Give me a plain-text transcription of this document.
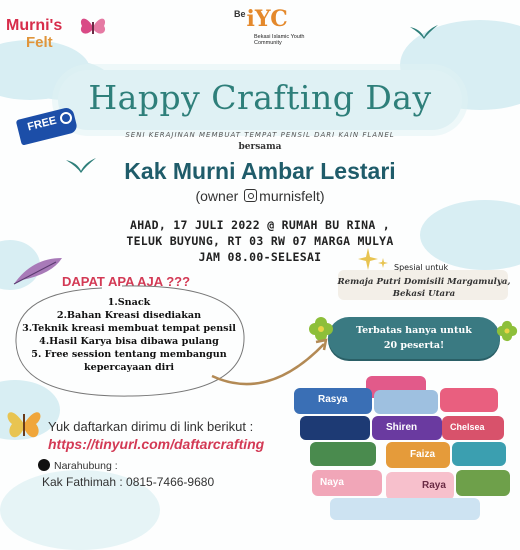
Murni's
Felt
$^{Be}$iYC
Bekasi Islamic Youth Community
Happy Crafting Day
SENI KERAJINAN MEMBUAT TEMPAT PENSIL DARI KAIN FLANEL
bersama
FREE
Kak Murni Ambar Lestari
(owner murnisfelt)
AHAD, 17 JULI 2022 @ RUMAH BU RINA ,
TELUK BUYUNG, RT 03 RW 07 MARGA MULYA
JAM 08.00-SELESAI
DAPAT APA AJA ???
1.Snack
2.Bahan Kreasi disediakan
3.Teknik kreasi membuat tempat pensil
4.Hasil Karya bisa dibawa pulang
5. Free session tentang membangun
kepercayaan diri
Spesial untuk
Remaja Putri Domisili Margamulya,
Bekasi Utara
Terbatas hanya untuk
20 peserta!
Yuk daftarkan dirimu di link berikut :
https://tinyurl.com/daftarcrafting
Narahubung :
Kak Fathimah : 0815-7466-9680
Rasya
Shiren	Chelsea
Faiza
Naya	Raya
